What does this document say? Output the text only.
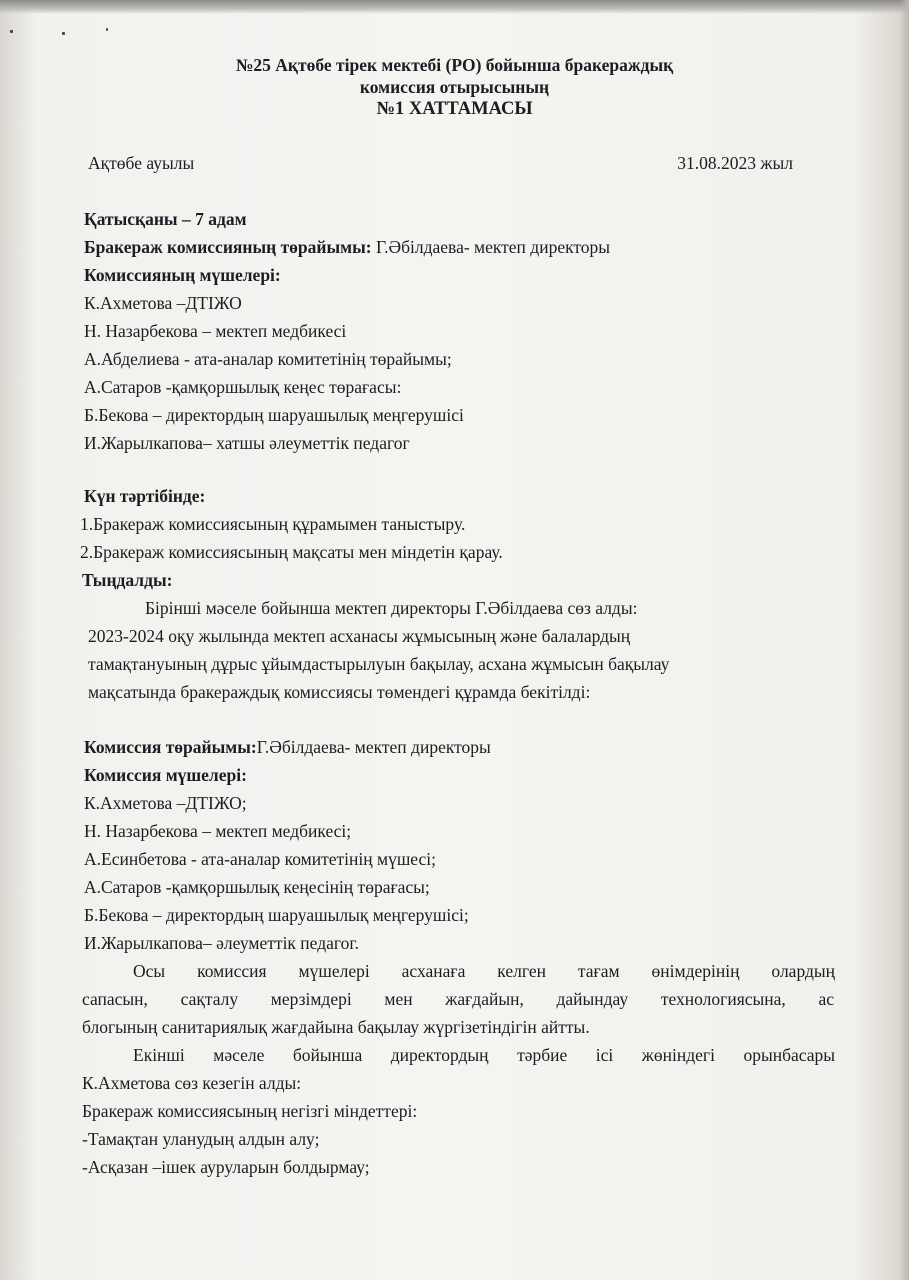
№25 Ақтөбе тірек мектебі (РО) бойынша бракераждық
комиссия отырысының
№1 ХАТТАМАСЫ
Ақтөбе ауылы	31.08.2023 жыл
Қатысқаны – 7 адам
Бракераж комиссияның төрайымы: Г.Әбілдаева- мектеп директоры
Комиссияның мүшелері:
К.Ахметова –ДТІЖО
Н. Назарбекова – мектеп медбикесі
А.Абделиева - ата-аналар комитетінің төрайымы;
А.Сатаров -қамқоршылық кеңес төрағасы:
Б.Бекова – директордың шаруашылық меңгерушісі
И.Жарылкапова– хатшы әлеуметтік педагог
Күн тәртібінде:
1.Бракераж комиссиясының құрамымен таныстыру.
2.Бракераж комиссиясының мақсаты мен міндетін қарау.
Тыңдалды:
Бірінші мәселе бойынша мектеп директоры Г.Әбілдаева сөз алды:
2023-2024 оқу жылында мектеп асханасы жұмысының және балалардың
тамақтануының дұрыс ұйымдастырылуын бақылау, асхана жұмысын бақылау
мақсатында бракераждық комиссиясы төмендегі құрамда бекітілді:
Комиссия төрайымы:Г.Әбілдаева- мектеп директоры
Комиссия мүшелері:
К.Ахметова –ДТІЖО;
Н. Назарбекова – мектеп медбикесі;
А.Есинбетова - ата-аналар комитетінің мүшесі;
А.Сатаров -қамқоршылық кеңесінің төрағасы;
Б.Бекова – директордың шаруашылық меңгерушісі;
И.Жарылкапова– әлеуметтік педагог.
Осы комиссия мүшелері асханаға келген тағам өнімдерінің олардың
сапасын, сақталу мерзімдері мен жағдайын, дайындау технологиясына, ас
блогының санитариялық жағдайына бақылау жүргізетіндігін айтты.
Екінші мәселе бойынша директордың тәрбие ісі жөніндегі орынбасары
К.Ахметова сөз кезегін алды:
Бракераж комиссиясының негізгі міндеттері:
-Тамақтан уланудың алдын алу;
-Асқазан –ішек ауруларын болдырмау;
